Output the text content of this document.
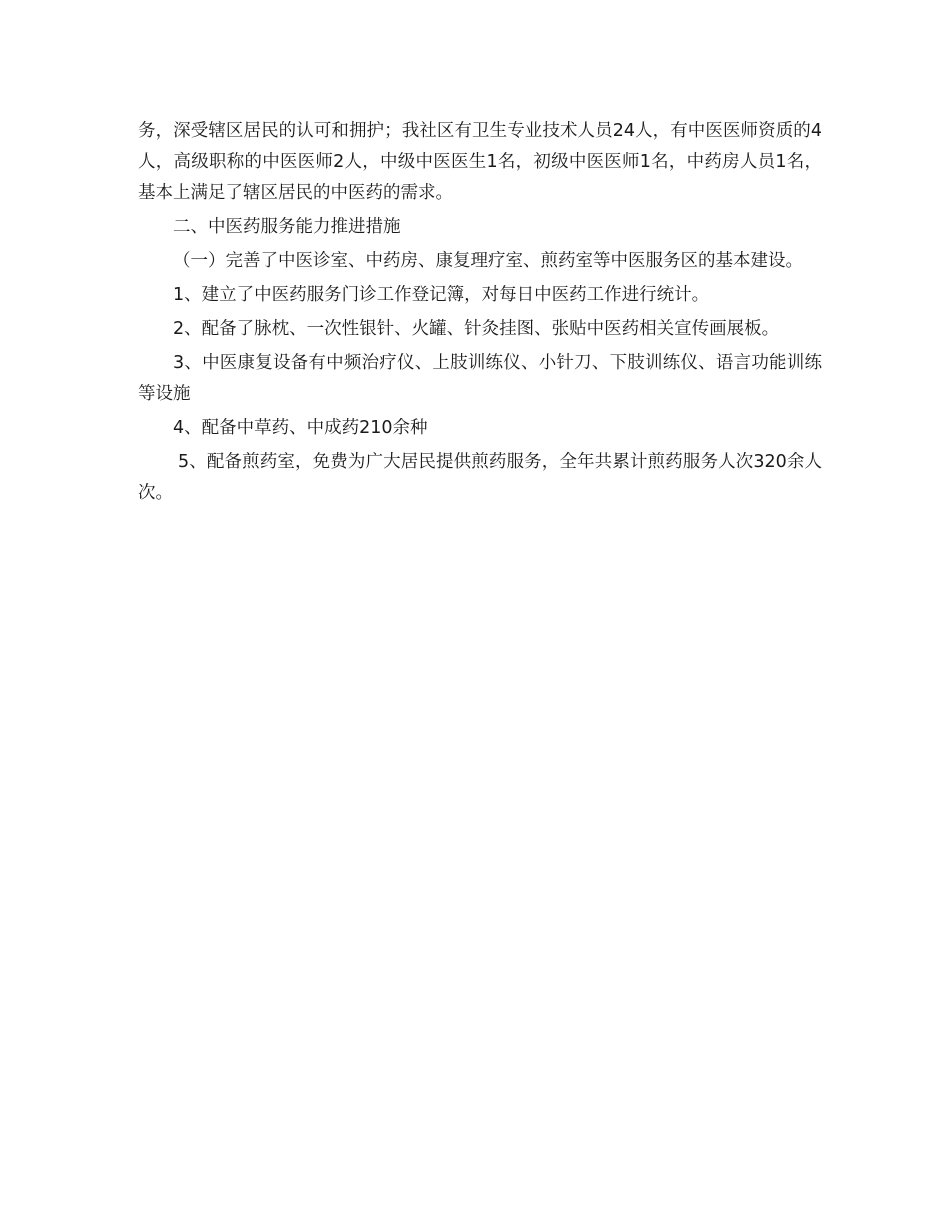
务，深受辖区居民的认可和拥护；我社区有卫生专业技术人员24人，有中医医师资质的4人，高级职称的中医医师2人，中级中医医生1名，初级中医医师1名，中药房人员1名，基本上满足了辖区居民的中医药的需求。

二、中医药服务能力推进措施

（一）完善了中医诊室、中药房、康复理疗室、煎药室等中医服务区的基本建设。

1、建立了中医药服务门诊工作登记簿，对每日中医药工作进行统计。

2、配备了脉枕、一次性银针、火罐、针灸挂图、张贴中医药相关宣传画展板。

3、中医康复设备有中频治疗仪、上肢训练仪、小针刀、下肢训练仪、语言功能训练等设施

4、配备中草药、中成药210余种

5、配备煎药室，免费为广大居民提供煎药服务，全年共累计煎药服务人次320余人次。
